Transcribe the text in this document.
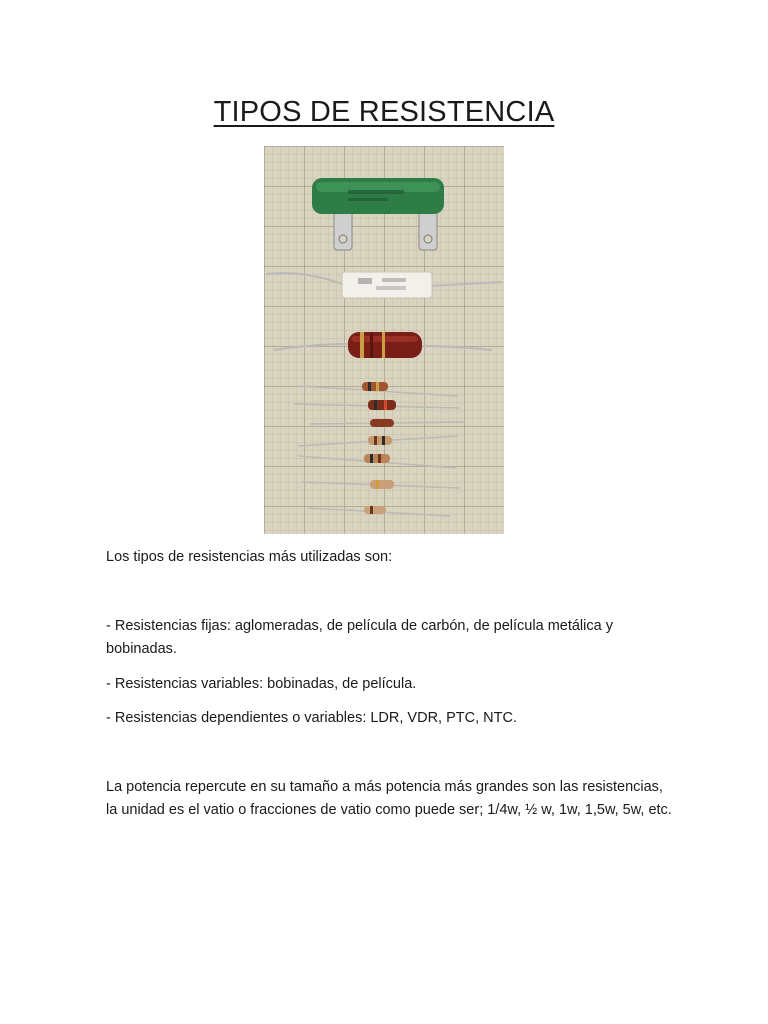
TIPOS DE RESISTENCIA

Los tipos de resistencias más utilizadas son:

- Resistencias fijas: aglomeradas, de película de carbón, de película metálica y bobinadas.

- Resistencias variables: bobinadas, de película.

- Resistencias dependientes o variables: LDR, VDR, PTC, NTC.

La potencia repercute en su tamaño a más potencia más grandes son las resistencias, la unidad es el vatio o fracciones de vatio como puede ser; 1/4w, ½ w, 1w, 1,5w, 5w, etc.
